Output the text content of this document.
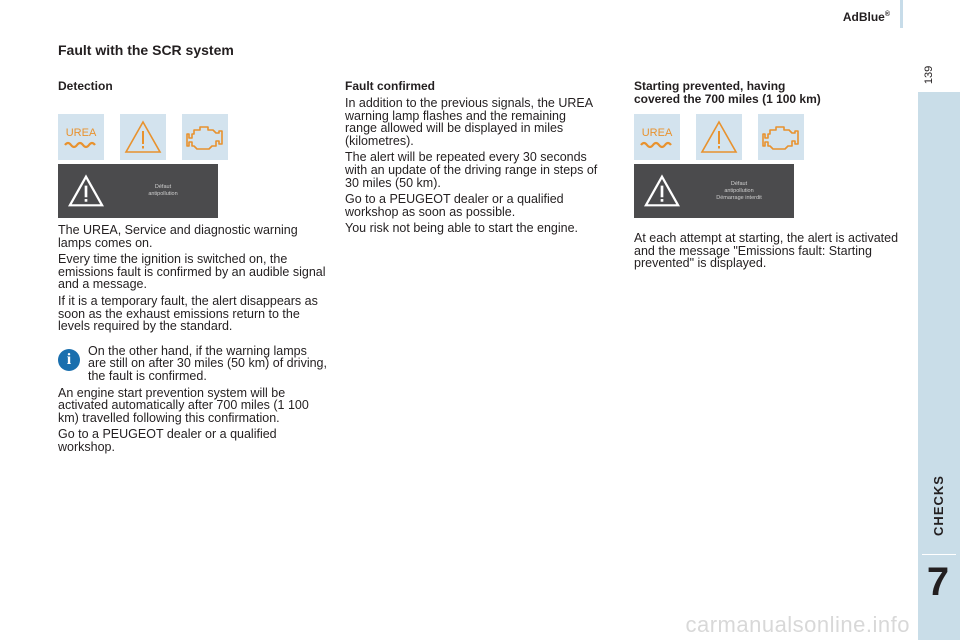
AdBlue®
139
CHECKS
7
Fault with the SCR system
Detection
UREA
Défaut
antipollution

The UREA, Service and diagnostic warning lamps comes on.

Every time the ignition is switched on, the emissions fault is confirmed by an audible signal and a message.

If it is a temporary fault, the alert disappears as soon as the exhaust emissions return to the levels required by the standard.

i	On the other hand, if the warning lamps are still on after 30 miles (50 km) of driving, the fault is confirmed.

An engine start prevention system will be activated automatically after 700 miles (1 100 km) travelled following this confirmation.

Go to a PEUGEOT dealer or a qualified workshop.

Fault confirmed

In addition to the previous signals, the UREA warning lamp flashes and the remaining range allowed will be displayed in miles (kilometres).

The alert will be repeated every 30 seconds with an update of the driving range in steps of 30 miles (50 km).

Go to a PEUGEOT dealer or a qualified workshop as soon as possible.

You risk not being able to start the engine.

Starting prevented, having
covered the 700 miles (1 100 km)
UREA
Défaut
antipollution
Démarrage interdit

At each attempt at starting, the alert is activated and the message "Emissions fault: Starting prevented" is displayed.

carmanualsonline.info
